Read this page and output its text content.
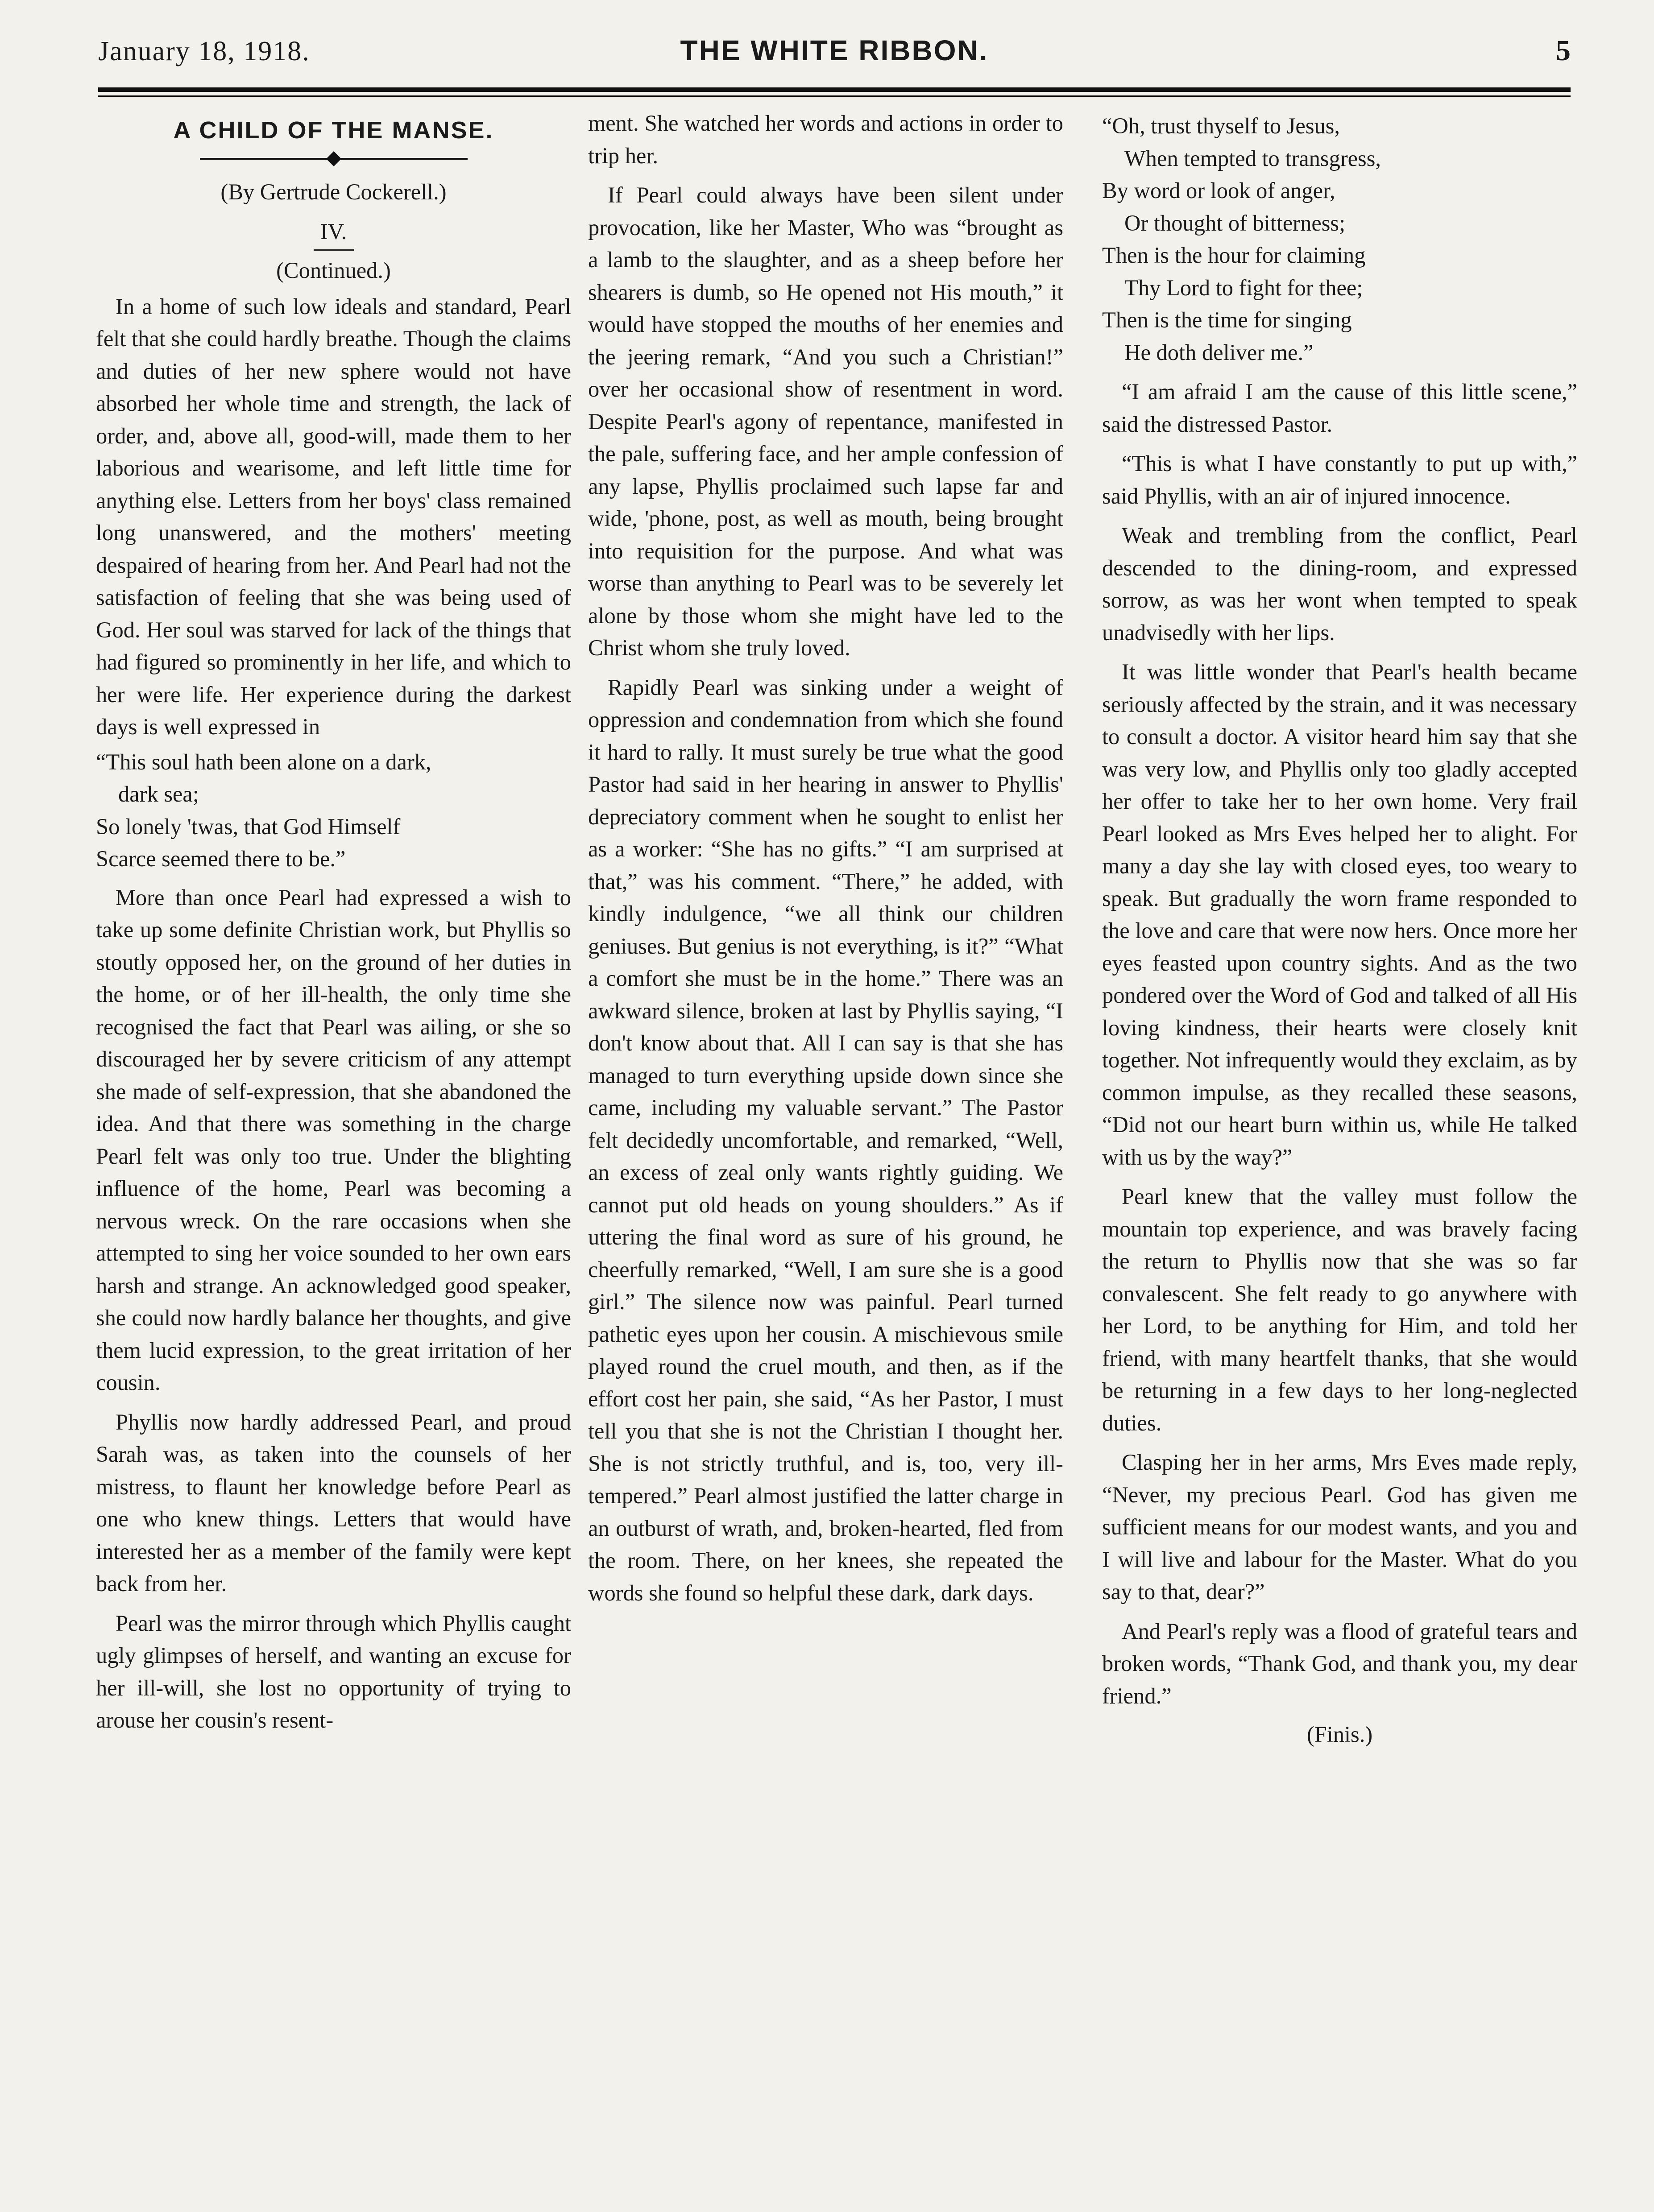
January 18, 1918.	THE WHITE RIBBON.	5
A CHILD OF THE MANSE.

(By Gertrude Cockerell.)

IV.

(Continued.)

In a home of such low ideals and standard, Pearl felt that she could hardly breathe. Though the claims and duties of her new sphere would not have absorbed her whole time and strength, the lack of order, and, above all, good-will, made them to her laborious and wearisome, and left little time for anything else. Letters from her boys' class remained long unanswered, and the mothers' meeting despaired of hearing from her. And Pearl had not the satisfaction of feeling that she was being used of God. Her soul was starved for lack of the things that had figured so prominently in her life, and which to her were life. Her experience during the darkest days is well expressed in

“This soul hath been alone on a dark,
dark sea;
So lonely 'twas, that God Himself
Scarce seemed there to be.”

More than once Pearl had expressed a wish to take up some definite Christian work, but Phyllis so stoutly opposed her, on the ground of her duties in the home, or of her ill-health, the only time she recognised the fact that Pearl was ailing, or she so discouraged her by severe criticism of any attempt she made of self-expression, that she abandoned the idea. And that there was something in the charge Pearl felt was only too true. Under the blighting influence of the home, Pearl was becoming a nervous wreck. On the rare occasions when she attempted to sing her voice sounded to her own ears harsh and strange. An acknowledged good speaker, she could now hardly balance her thoughts, and give them lucid expression, to the great irritation of her cousin.

Phyllis now hardly addressed Pearl, and proud Sarah was, as taken into the counsels of her mistress, to flaunt her knowledge before Pearl as one who knew things. Letters that would have interested her as a member of the family were kept back from her.

Pearl was the mirror through which Phyllis caught ugly glimpses of herself, and wanting an excuse for her ill-will, she lost no opportunity of trying to arouse her cousin's resent-

ment. She watched her words and actions in order to trip her.

If Pearl could always have been silent under provocation, like her Master, Who was “brought as a lamb to the slaughter, and as a sheep before her shearers is dumb, so He opened not His mouth,” it would have stopped the mouths of her enemies and the jeering remark, “And you such a Christian!” over her occasional show of resentment in word. Despite Pearl's agony of repentance, manifested in the pale, suffering face, and her ample confession of any lapse, Phyllis proclaimed such lapse far and wide, 'phone, post, as well as mouth, being brought into requisition for the purpose. And what was worse than anything to Pearl was to be severely let alone by those whom she might have led to the Christ whom she truly loved.

Rapidly Pearl was sinking under a weight of oppression and condemnation from which she found it hard to rally. It must surely be true what the good Pastor had said in her hearing in answer to Phyllis' depreciatory comment when he sought to enlist her as a worker: “She has no gifts.” “I am surprised at that,” was his comment. “There,” he added, with kindly indulgence, “we all think our children geniuses. But genius is not everything, is it?” “What a comfort she must be in the home.” There was an awkward silence, broken at last by Phyllis saying, “I don't know about that. All I can say is that she has managed to turn everything upside down since she came, including my valuable servant.” The Pastor felt decidedly uncomfortable, and remarked, “Well, an excess of zeal only wants rightly guiding. We cannot put old heads on young shoulders.” As if uttering the final word as sure of his ground, he cheerfully remarked, “Well, I am sure she is a good girl.” The silence now was painful. Pearl turned pathetic eyes upon her cousin. A mischievous smile played round the cruel mouth, and then, as if the effort cost her pain, she said, “As her Pastor, I must tell you that she is not the Christian I thought her. She is not strictly truthful, and is, too, very ill-tempered.” Pearl almost justified the latter charge in an outburst of wrath, and, broken-hearted, fled from the room. There, on her knees, she repeated the words she found so helpful these dark, dark days.

“Oh, trust thyself to Jesus,
When tempted to transgress,
By word or look of anger,
Or thought of bitterness;
Then is the hour for claiming
Thy Lord to fight for thee;
Then is the time for singing
He doth deliver me.”

“I am afraid I am the cause of this little scene,” said the distressed Pastor.

“This is what I have constantly to put up with,” said Phyllis, with an air of injured innocence.

Weak and trembling from the conflict, Pearl descended to the dining-room, and expressed sorrow, as was her wont when tempted to speak unadvisedly with her lips.

It was little wonder that Pearl's health became seriously affected by the strain, and it was necessary to consult a doctor. A visitor heard him say that she was very low, and Phyllis only too gladly accepted her offer to take her to her own home. Very frail Pearl looked as Mrs Eves helped her to alight. For many a day she lay with closed eyes, too weary to speak. But gradually the worn frame responded to the love and care that were now hers. Once more her eyes feasted upon country sights. And as the two pondered over the Word of God and talked of all His loving kindness, their hearts were closely knit together. Not infrequently would they exclaim, as by common impulse, as they recalled these seasons, “Did not our heart burn within us, while He talked with us by the way?”

Pearl knew that the valley must follow the mountain top experience, and was bravely facing the return to Phyllis now that she was so far convalescent. She felt ready to go anywhere with her Lord, to be anything for Him, and told her friend, with many heartfelt thanks, that she would be returning in a few days to her long-neglected duties.

Clasping her in her arms, Mrs Eves made reply, “Never, my precious Pearl. God has given me sufficient means for our modest wants, and you and I will live and labour for the Master. What do you say to that, dear?”

And Pearl's reply was a flood of grateful tears and broken words, “Thank God, and thank you, my dear friend.”

(Finis.)
